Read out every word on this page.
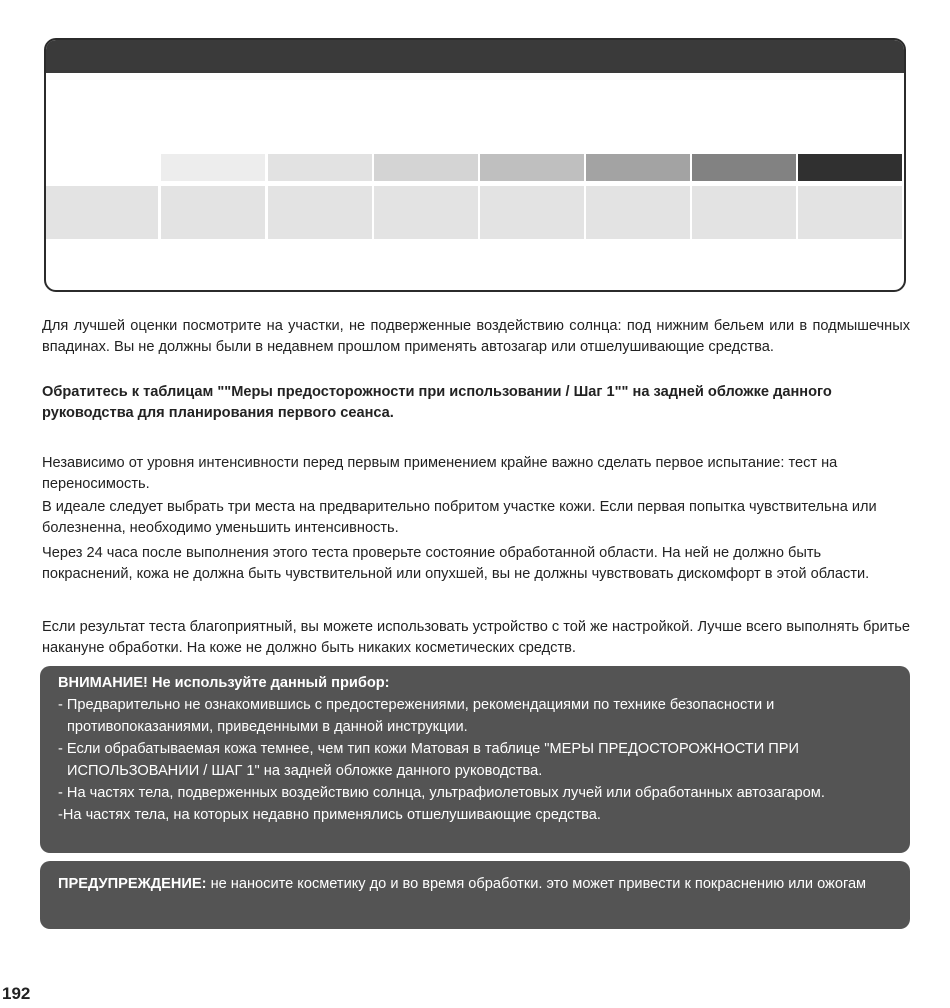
Для лучшей оценки посмотрите на участки, не подверженные воздействию солнца: под нижним бельем или в подмышечных впадинах. Вы не должны были в недавнем прошлом применять автозагар или отшелушивающие средства.

Обратитесь к таблицам ""Меры предосторожности при использовании / Шаг 1"" на задней обложке данного руководства для планирования первого сеанса.

Независимо от уровня интенсивности перед первым применением крайне важно сделать первое испытание: тест на переносимость.

В идеале следует выбрать три места на предварительно побритом участке кожи. Если первая попытка чувствительна или болезненна, необходимо уменьшить интенсивность.

Через 24 часа после выполнения этого теста проверьте состояние обработанной области. На ней не должно быть покраснений, кожа не должна быть чувствительной или опухшей, вы не должны чувствовать дискомфорт в этой области.

Если результат теста благоприятный, вы можете использовать устройство с той же настройкой. Лучше всего выполнять бритье накануне обработки. На коже не должно быть никаких косметических средств.

ВНИМАНИЕ! Не используйте данный прибор:

- Предварительно не ознакомившись с предостережениями, рекомендациями по технике безопасности и
противопоказаниями, приведенными в данной инструкции.

- Если обрабатываемая кожа темнее, чем тип кожи Матовая в таблице "МЕРЫ ПРЕДОСТОРОЖНОСТИ ПРИ
ИСПОЛЬЗОВАНИИ / ШАГ 1" на задней обложке данного руководства.

- На частях тела, подверженных воздействию солнца, ультрафиолетовых лучей или обработанных автозагаром.

-На частях тела, на которых недавно применялись отшелушивающие средства.

ПРЕДУПРЕЖДЕНИЕ: не наносите косметику до и во время обработки. это может привести к покраснению или ожогам
192
